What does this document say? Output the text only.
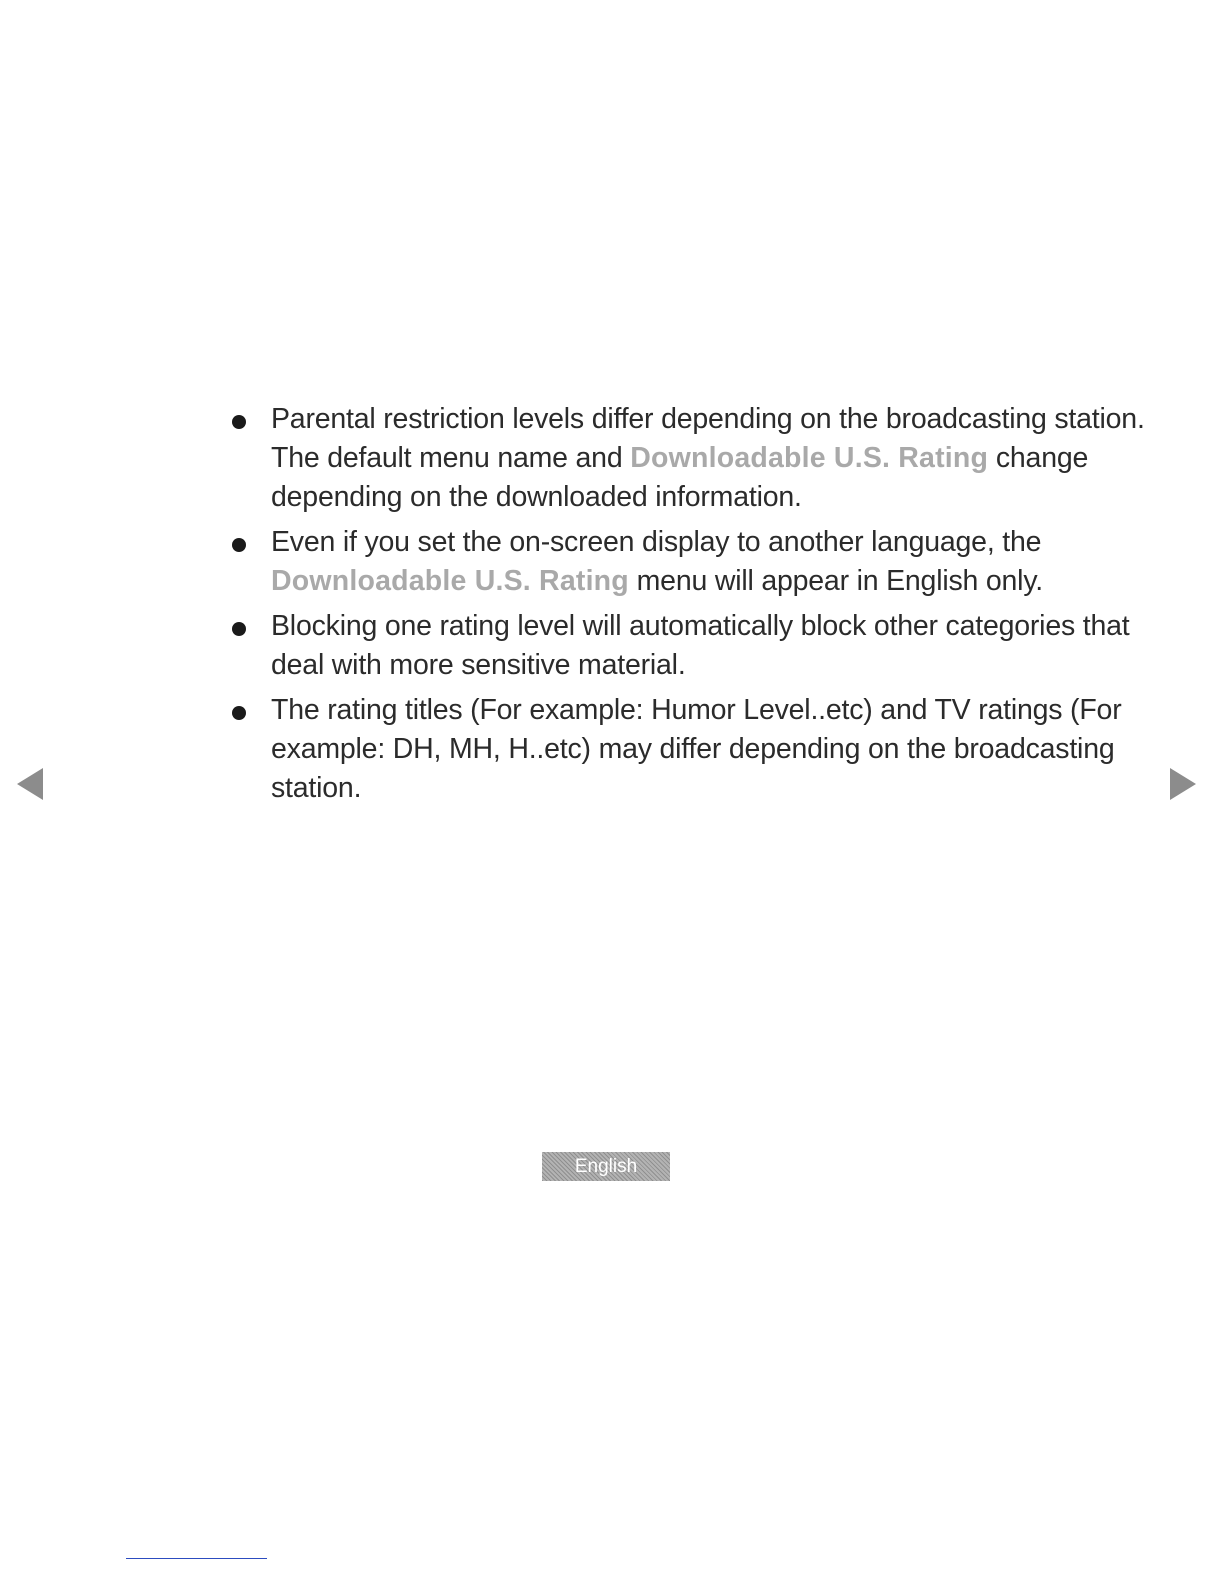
Parental restriction levels differ depending on the broadcasting station. The default menu name and Downloadable U.S. Rating change depending on the downloaded information.
Even if you set the on-screen display to another language, the Downloadable U.S. Rating menu will appear in English only.
Blocking one rating level will automatically block other categories that deal with more sensitive material.
The rating titles (For example: Humor Level..etc) and TV ratings (For example: DH, MH, H..etc) may differ depending on the broadcasting station.
English
